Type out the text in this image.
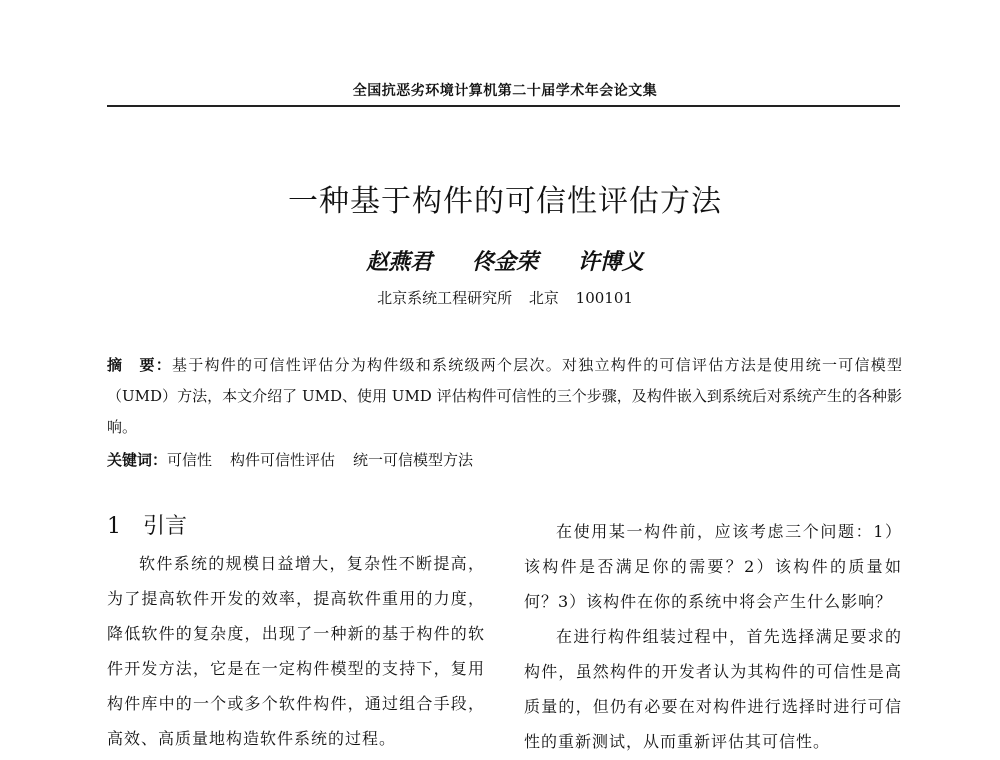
全国抗恶劣环境计算机第二十届学术年会论文集
一种基于构件的可信性评估方法
赵燕君 佟金荣 许博义
北京系统工程研究所 北京 100101
摘　要：基于构件的可信性评估分为构件级和系统级两个层次。对独立构件的可信评估方法是使用统一可信模型（UMD）方法，本文介绍了 UMD、使用 UMD 评估构件可信性的三个步骤，及构件嵌入到系统后对系统产生的各种影响。
关键词：可信性 构件可信性评估 统一可信模型方法
1 引言

软件系统的规模日益增大，复杂性不断提高，为了提高软件开发的效率，提高软件重用的力度，降低软件的复杂度，出现了一种新的基于构件的软件开发方法，它是在一定构件模型的支持下，复用构件库中的一个或多个软件构件，通过组合手段，高效、高质量地构造软件系统的过程。

在使用某一构件前，应该考虑三个问题：1）该构件是否满足你的需要？2）该构件的质量如何？3）该构件在你的系统中将会产生什么影响？

在进行构件组装过程中，首先选择满足要求的构件，虽然构件的开发者认为其构件的可信性是高质量的，但仍有必要在对构件进行选择时进行可信性的重新测试，从而重新评估其可信性。
